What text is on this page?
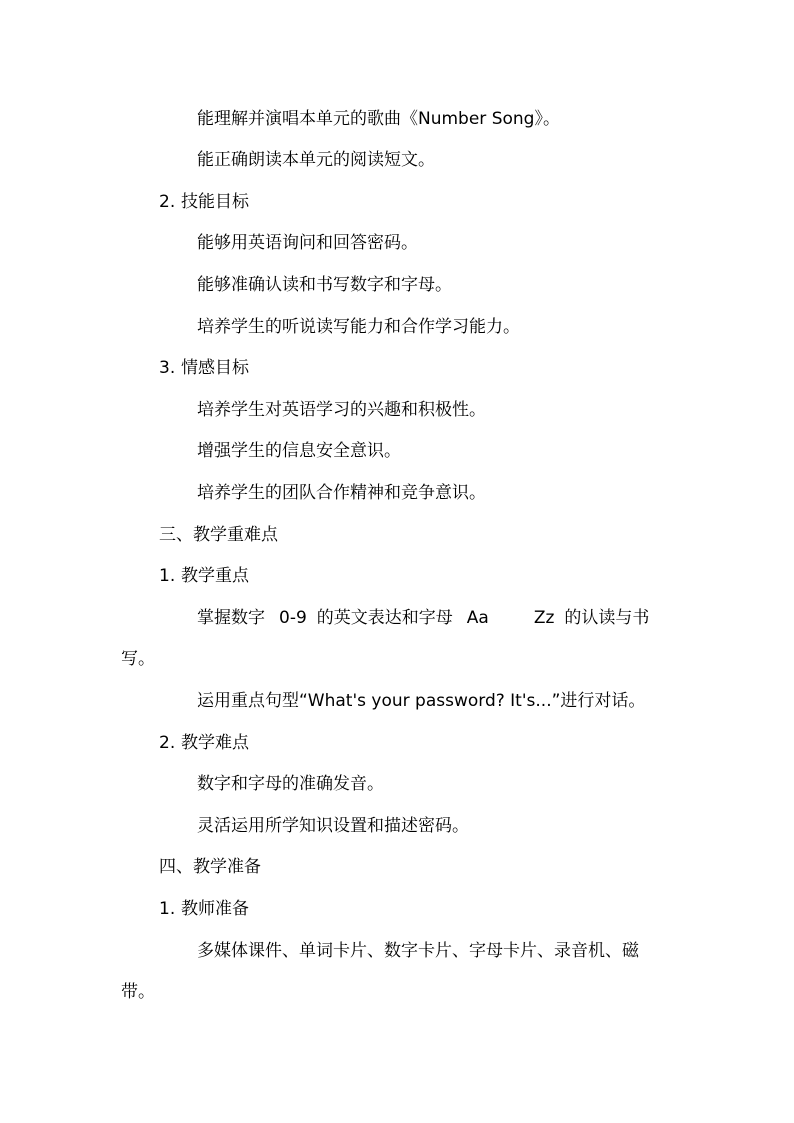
能理解并演唱本单元的歌曲《Number Song》。
能正确朗读本单元的阅读短文。
2. 技能目标
能够用英语询问和回答密码。
能够准确认读和书写数字和字母。
培养学生的听说读写能力和合作学习能力。
3. 情感目标
培养学生对英语学习的兴趣和积极性。
增强学生的信息安全意识。
培养学生的团队合作精神和竞争意识。
三、教学重难点
1. 教学重点
掌握数字 0-9 的英文表达和字母 Aa	Zz 的认读与书
写。
运用重点句型“What's your password? It's...”进行对话。
2. 教学难点
数字和字母的准确发音。
灵活运用所学知识设置和描述密码。
四、教学准备
1. 教师准备
多媒体课件、单词卡片、数字卡片、字母卡片、录音机、磁
带。
